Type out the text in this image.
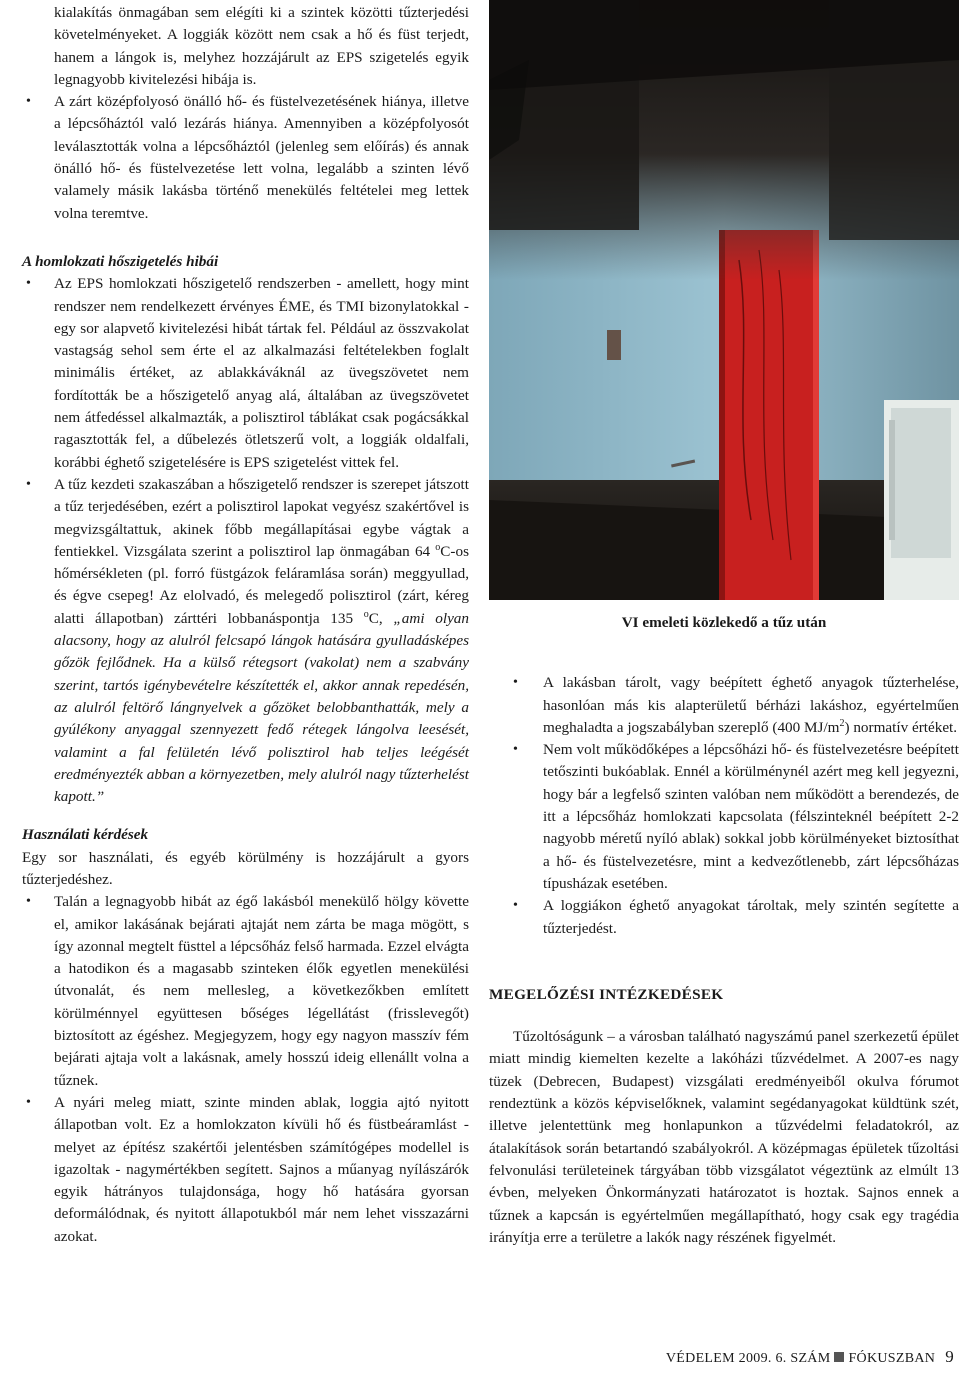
kialakítás önmagában sem elégíti ki a szintek közötti tűzterjedési követelményeket. A loggiák között nem csak a hő és füst terjedt, hanem a lángok is, melyhez hozzájárult az EPS szigetelés egyik legnagyobb kivitelezési hibája is.

•	A zárt középfolyosó önálló hő- és füstelvezetésének hiánya, illetve a lépcsőháztól való lezárás hiánya. Amennyiben a középfolyosót leválasztották volna a lépcsőháztól (jelenleg sem előírás) és annak önálló hő- és füstelvezetése lett volna, legalább a szinten lévő valamely másik lakásba történő menekülés feltételei meg lettek volna teremtve.

A homlokzati hőszigetelés hibái

•	Az EPS homlokzati hőszigetelő rendszerben - amellett, hogy mint rendszer nem rendelkezett érvényes ÉME, és TMI bizonylatokkal - egy sor alapvető kivitelezési hibát tártak fel. Például az összvakolat vastagság sehol sem érte el az alkalmazási feltételekben foglalt minimális értéket, az ablakkáváknál az üvegszövetet nem fordították be a hőszigetelő anyag alá, általában az üvegszövetet nem átfedéssel alkalmazták, a polisztirol táblákat csak pogácsákkal ragasztották fel, a dűbelezés ötletszerű volt, a loggiák oldalfali, korábbi éghető szigetelésére is EPS szigetelést vittek fel.

•	A tűz kezdeti szakaszában a hőszigetelő rendszer is szerepet játszott a tűz terjedésében, ezért a polisztirol lapokat vegyész szakértővel is megvizsgáltattuk, akinek főbb megállapításai egybe vágtak a fentiekkel. Vizsgálata szerint a polisztirol lap önmagában 64 $^o$C-os hőmérsékleten (pl. forró füstgázok feláramlása során) meggyullad, és égve csepeg! Az elolvadó, és melegedő polisztirol (zárt, kéreg alatti állapotban) zárttéri lobbanáspontja 135 $^o$C, „ami olyan alacsony, hogy az alulról felcsapó lángok hatására gyulladásképes gőzök fejlődnek. Ha a külső rétegsort (vakolat) nem a szabvány szerint, tartós igénybevételre készítették el, akkor annak repedésén, az alulról feltörő lángnyelvek a gőzöket belobbanthatták, mely a gyúlékony anyaggal szennyezett fedő rétegek lángolva leesését, valamint a fal felületén lévő polisztirol hab teljes leégését eredményezték abban a környezetben, mely alulról nagy tűzterhelést kapott.”

Használati kérdések

Egy sor használati, és egyéb körülmény is hozzájárult a gyors tűzterjedéshez.

•	Talán a legnagyobb hibát az égő lakásból menekülő hölgy követte el, amikor lakásának bejárati ajtaját nem zárta be maga mögött, s így azonnal megtelt füsttel a lépcsőház felső harmada. Ezzel elvágta a hatodikon és a magasabb szinteken élők egyetlen menekülési útvonalát, és nem mellesleg, a következőkben említett körülménnyel együttesen bőséges légellátást (frisslevegőt) biztosított az égéshez. Megjegyzem, hogy egy nagyon masszív fém bejárati ajtaja volt a lakásnak, amely hosszú ideig ellenállt volna a tűznek.

•	A nyári meleg miatt, szinte minden ablak, loggia ajtó nyitott állapotban volt. Ez a homlokzaton kívüli hő és füstbeáramlást - melyet az építész szakértői jelentésben számítógépes modellel is igazoltak - nagymértékben segített. Sajnos a műanyag nyílászárók egyik hátrányos tulajdonsága, hogy hő hatására gyorsan deformálódnak, és nyitott állapotukból már nem lehet visszazárni azokat.

VI emeleti közlekedő a tűz után

•	A lakásban tárolt, vagy beépített éghető anyagok tűzterhelése, hasonlóan más kis alapterületű bérházi lakáshoz, egyértelműen meghaladta a jogszabályban szereplő (400 $MJ/m^2$) normatív értéket.

•	Nem volt működőképes a lépcsőházi hő- és füstelvezetésre beépített tetőszinti bukóablak. Ennél a körülménynél azért meg kell jegyezni, hogy bár a legfelső szinten valóban nem működött a berendezés, de itt a lépcsőház homlokzati kapcsolata (félszinteknél beépített 2-2 nagyobb méretű nyíló ablak) sokkal jobb körülményeket biztosíthat a hő- és füstelvezetésre, mint a kedvezőtlenebb, zárt lépcsőházas típusházak esetében.

•	A loggiákon éghető anyagokat tároltak, mely szintén segítette a tűzterjedést.

MEGELŐZÉSI INTÉZKEDÉSEK

Tűzoltóságunk – a városban található nagyszámú panel szerkezetű épület miatt mindig kiemelten kezelte a lakóházi tűzvédelmet. A 2007-es nagy tüzek (Debrecen, Budapest) vizsgálati eredményeiből okulva fórumot rendeztünk a közös képviselőknek, valamint segédanyagokat küldtünk szét, illetve jelentettünk meg honlapunkon a tűzvédelmi feladatokról, az átalakítások során betartandó szabályokról. A középmagas épületek tűzoltási felvonulási területeinek tárgyában több vizsgálatot végeztünk az elmúlt 13 évben, melyeken Önkormányzati határozatot is hoztak. Sajnos ennek a tűznek a kapcsán is egyértelműen megállapítható, hogy csak egy tragédia irányítja erre a területre a lakók nagy részének figyelmét.

VÉDELEM 2009. 6. SZÁM FÓKUSZBAN 9
